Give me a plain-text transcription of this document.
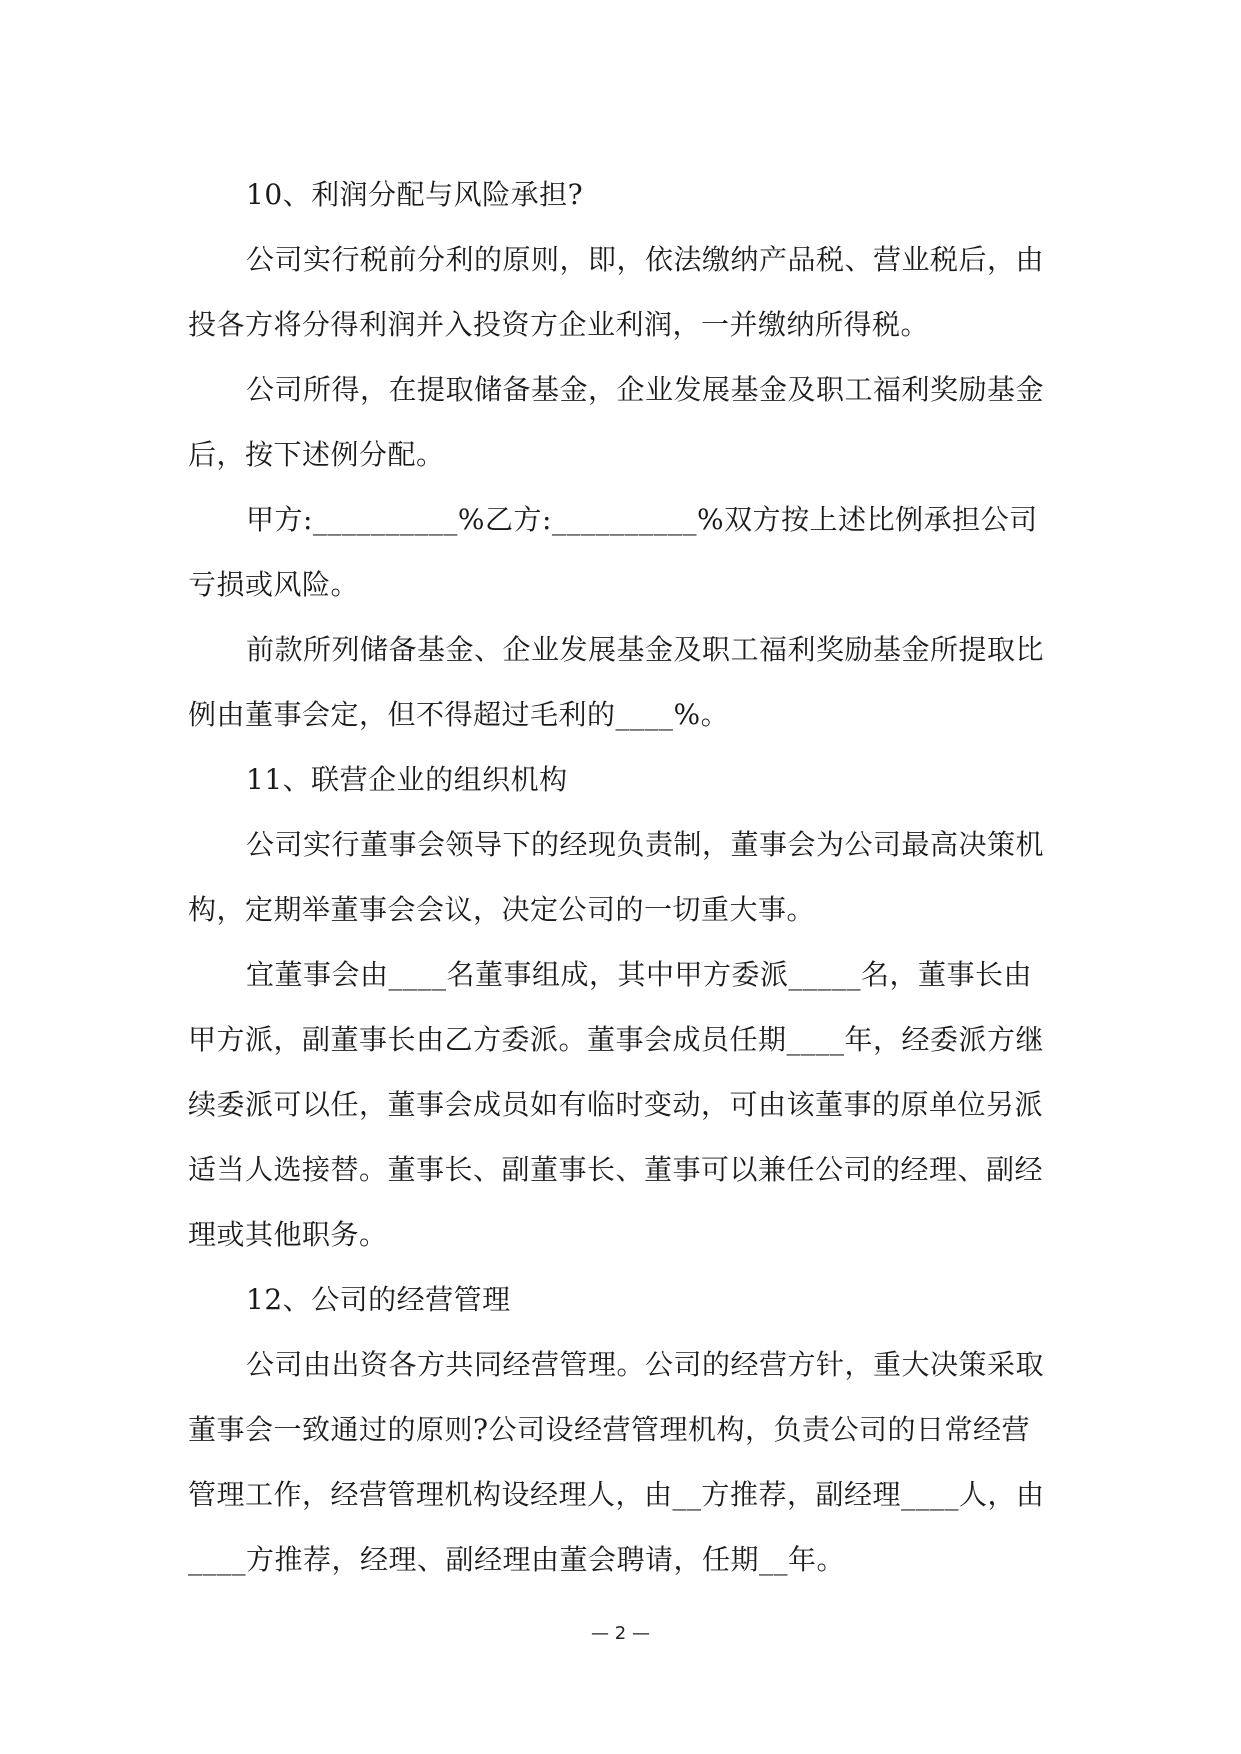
10、利润分配与风险承担?
公司实行税前分利的原则，即，依法缴纳产品税、营业税后，由
投各方将分得利润并入投资方企业利润，一并缴纳所得税。
公司所得，在提取储备基金，企业发展基金及职工福利奖励基金
后，按下述例分配。
甲方:__________%乙方:__________%双方按上述比例承担公司
亏损或风险。
前款所列储备基金、企业发展基金及职工福利奖励基金所提取比
例由董事会定，但不得超过毛利的____%。
11、联营企业的组织机构
公司实行董事会领导下的经现负责制，董事会为公司最高决策机
构，定期举董事会会议，决定公司的一切重大事。
宜董事会由____名董事组成，其中甲方委派_____名，董事长由
甲方派，副董事长由乙方委派。董事会成员任期____年，经委派方继
续委派可以任，董事会成员如有临时变动，可由该董事的原单位另派
适当人选接替。董事长、副董事长、董事可以兼任公司的经理、副经
理或其他职务。
12、公司的经营管理
公司由出资各方共同经营管理。公司的经营方针，重大决策采取
董事会一致通过的原则?公司设经营管理机构，负责公司的日常经营
管理工作，经营管理机构设经理人，由__方推荐，副经理____人，由
____方推荐，经理、副经理由董会聘请，任期__年。
— 2 —
